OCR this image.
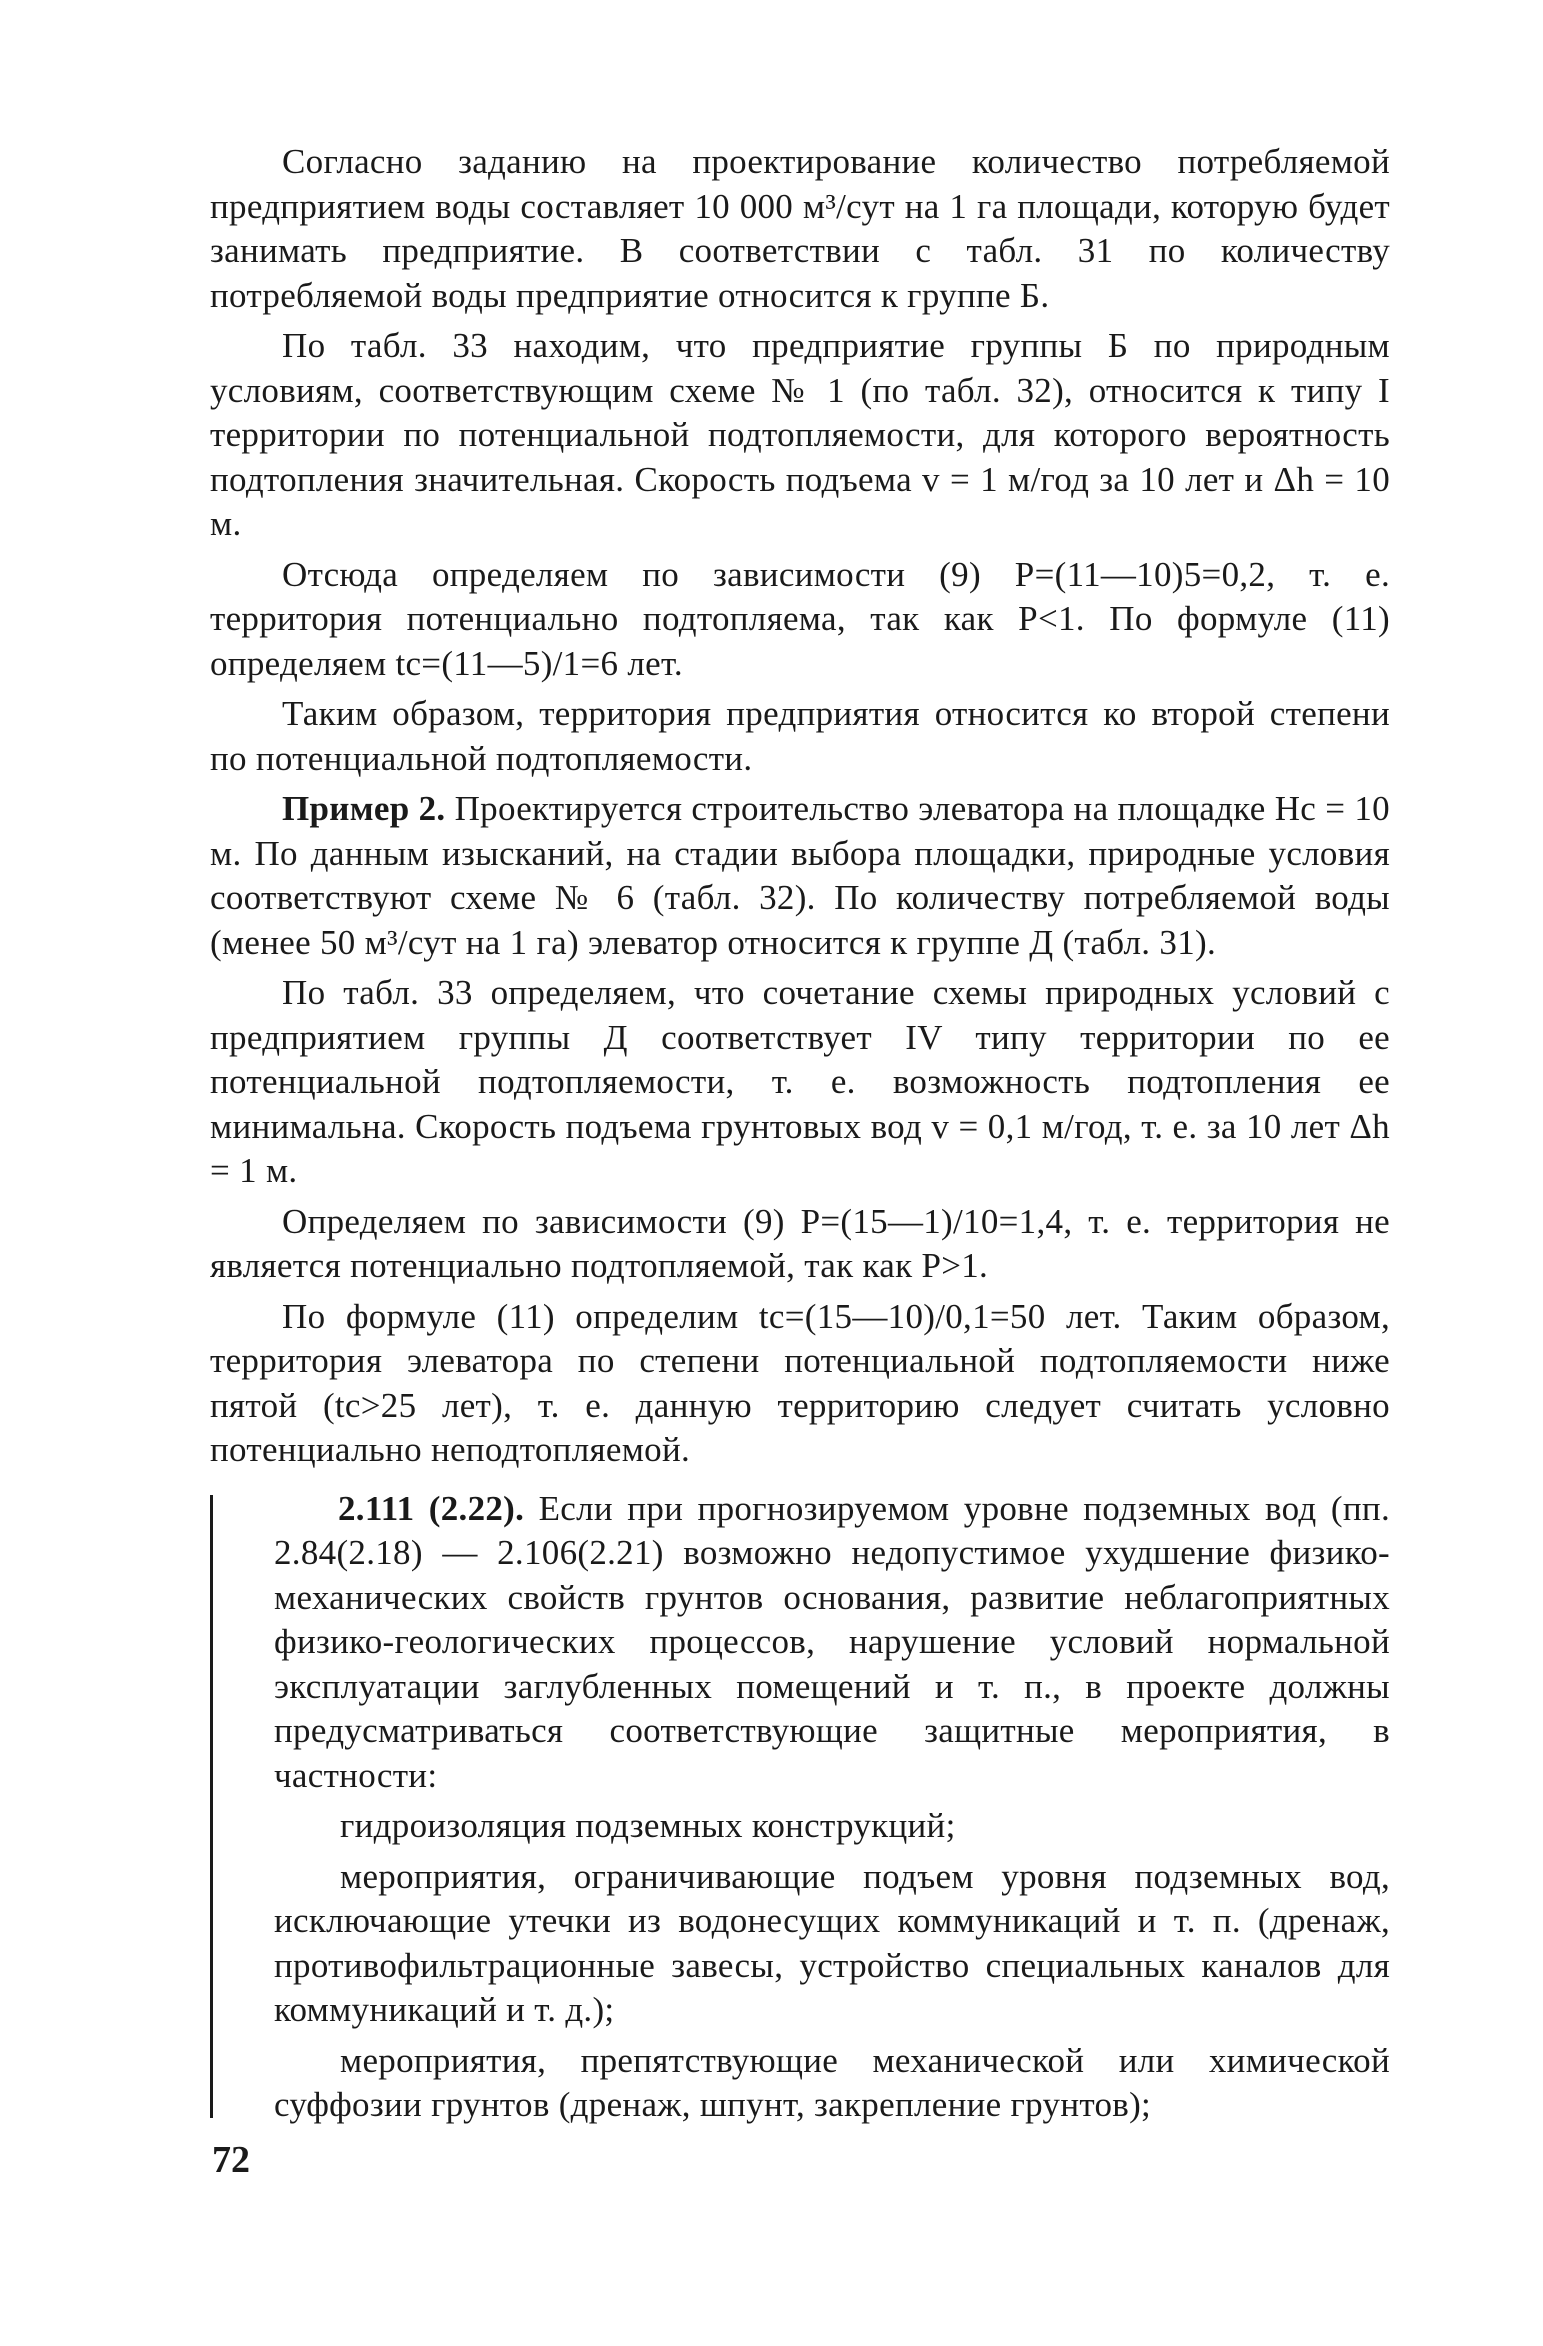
Согласно заданию на проектирование количество потребляемой предприятием воды составляет 10 000 м³/сут на 1 га площади, которую будет занимать предприятие. В соответствии с табл. 31 по количеству потребляемой воды предприятие относится к группе Б.

По табл. 33 находим, что предприятие группы Б по природным условиям, соответствующим схеме № 1 (по табл. 32), относится к типу I территории по потенциальной подтопляемости, для которого вероятность подтопления значительная. Скорость подъема v = 1 м/год за 10 лет и Δh = 10 м.

Отсюда определяем по зависимости (9) P=(11—10)5=0,2, т. е. территория потенциально подтопляема, так как P<1. По формуле (11) определяем tc=(11—5)/1=6 лет.

Таким образом, территория предприятия относится ко второй степени по потенциальной подтопляемости.

Пример 2. Проектируется строительство элеватора на площадке Hc = 10 м. По данным изысканий, на стадии выбора площадки, природные условия соответствуют схеме № 6 (табл. 32). По количеству потребляемой воды (менее 50 м³/сут на 1 га) элеватор относится к группе Д (табл. 31).

По табл. 33 определяем, что сочетание схемы природных условий с предприятием группы Д соответствует IV типу территории по ее потенциальной подтопляемости, т. е. возможность подтопления ее минимальна. Скорость подъема грунтовых вод v = 0,1 м/год, т. е. за 10 лет Δh = 1 м.

Определяем по зависимости (9) P=(15—1)/10=1,4, т. е. территория не является потенциально подтопляемой, так как P>1.

По формуле (11) определим tc=(15—10)/0,1=50 лет. Таким образом, территория элеватора по степени потенциальной подтопляемости ниже пятой (tc>25 лет), т. е. данную территорию следует считать условно потенциально неподтопляемой.

2.111 (2.22). Если при прогнозируемом уровне подземных вод (пп. 2.84(2.18) — 2.106(2.21) возможно недопустимое ухудшение физико-механических свойств грунтов основания, развитие неблагоприятных физико-геологических процессов, нарушение условий нормальной эксплуатации заглубленных помещений и т. п., в проекте должны предусматриваться соответствующие защитные мероприятия, в частности:

гидроизоляция подземных конструкций;

мероприятия, ограничивающие подъем уровня подземных вод, исключающие утечки из водонесущих коммуникаций и т. п. (дренаж, противофильтрационные завесы, устройство специальных каналов для коммуникаций и т. д.);

мероприятия, препятствующие механической или химической суффозии грунтов (дренаж, шпунт, закрепление грунтов);

72
